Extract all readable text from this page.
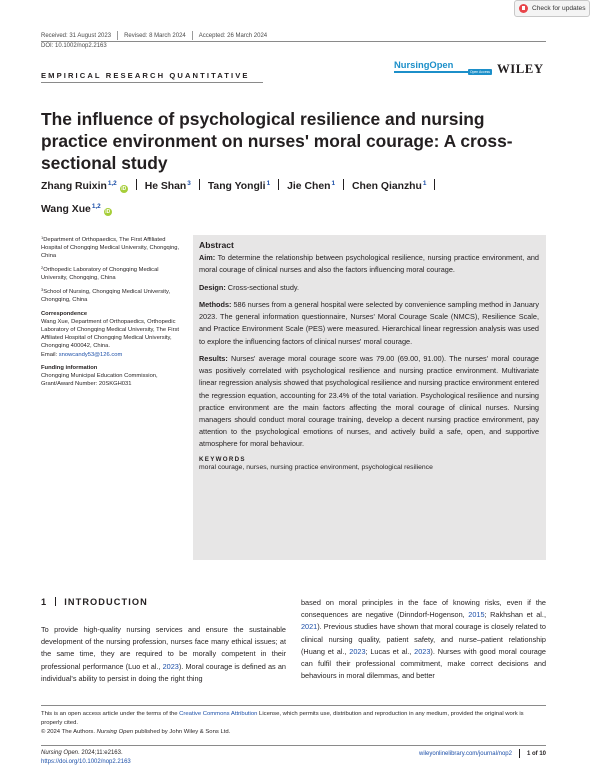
Check for updates
Received: 31 August 2023 Revised: 8 March 2024 Accepted: 26 March 2024
DOI: 10.1002/nop2.2163
EMPIRICAL RESEARCH QUANTITATIVE
NursingOpen
Open Access WILEY
The influence of psychological resilience and nursing practice environment on nurses' moral courage: A cross-sectional study
Zhang Ruixin$^{1,2}$iD He Shan$^3$ Tang Yongli$^1$ Jie Chen$^1$ Chen Qianzhu$^1$
Wang Xue$^{1,2}$iD

$^1$Department of Orthopaedics, The First Affiliated Hospital of Chongqing Medical University, Chongqing, China

$^2$Orthopedic Laboratory of Chongqing Medical University, Chongqing, China

$^3$School of Nursing, Chongqing Medical University, Chongqing, China

Correspondence

Wang Xue, Department of Orthopaedics, Orthopedic Laboratory of Chongqing Medical University, The First Affiliated Hospital of Chongqing Medical University, Chongqing 400042, China.

Email: snowcandy53@126.com

Funding information

Chongqing Municipal Education Commission, Grant/Award Number: 20SKGH031

Abstract

Aim: To determine the relationship between psychological resilience, nursing practice environment, and moral courage of clinical nurses and also the factors influencing moral courage.

Design: Cross-sectional study.

Methods: 586 nurses from a general hospital were selected by convenience sampling method in January 2023. The general information questionnaire, Nurses' Moral Courage Scale (NMCS), Resilience Scale, and Practice Environment Scale (PES) were measured. Hierarchical linear regression analysis was used to explore the influencing factors of clinical nurses' moral courage.

Results: Nurses' average moral courage score was 79.00 (69.00, 91.00). The nurses' moral courage was positively correlated with psychological resilience and nursing practice environment. Multivariate linear regression analysis showed that psychological resilience and nursing practice environment entered the regression equation, accounting for 23.4% of the total variation. Psychological resilience and nursing practice environment are the main factors affecting the moral courage of clinical nurses. Nursing managers should conduct moral courage training, develop a decent nursing practice environment, pay attention to the psychological emotions of nurses, and actively build a safe, open, and supportive atmosphere for moral behaviour.

KEYWORDS
moral courage, nurses, nursing practice environment, psychological resilience
1 INTRODUCTION
To provide high-quality nursing services and ensure the sustainable development of the nursing profession, nurses face many ethical issues; at the same time, they are required to be morally competent in their professional performance (Luo et al., 2023). Moral courage is defined as an individual's ability to persist in doing the right thing
based on moral principles in the face of knowing risks, even if the consequences are negative (Dinndorf-Hogenson, 2015; Rakhshan et al., 2021). Previous studies have shown that moral courage is closely related to clinical nursing quality, patient safety, and nurse–patient relationship (Huang et al., 2023; Lucas et al., 2023). Nurses with good moral courage can fulfil their professional commitment, make correct decisions and behaviours in moral dilemmas, and better
This is an open access article under the terms of the Creative Commons Attribution License, which permits use, distribution and reproduction in any medium, provided the original work is properly cited.
© 2024 The Authors. Nursing Open published by John Wiley & Sons Ltd.
Nursing Open. 2024;11:e2163.
https://doi.org/10.1002/nop2.2163
wileyonlinelibrary.com/journal/nop2	1 of 10
